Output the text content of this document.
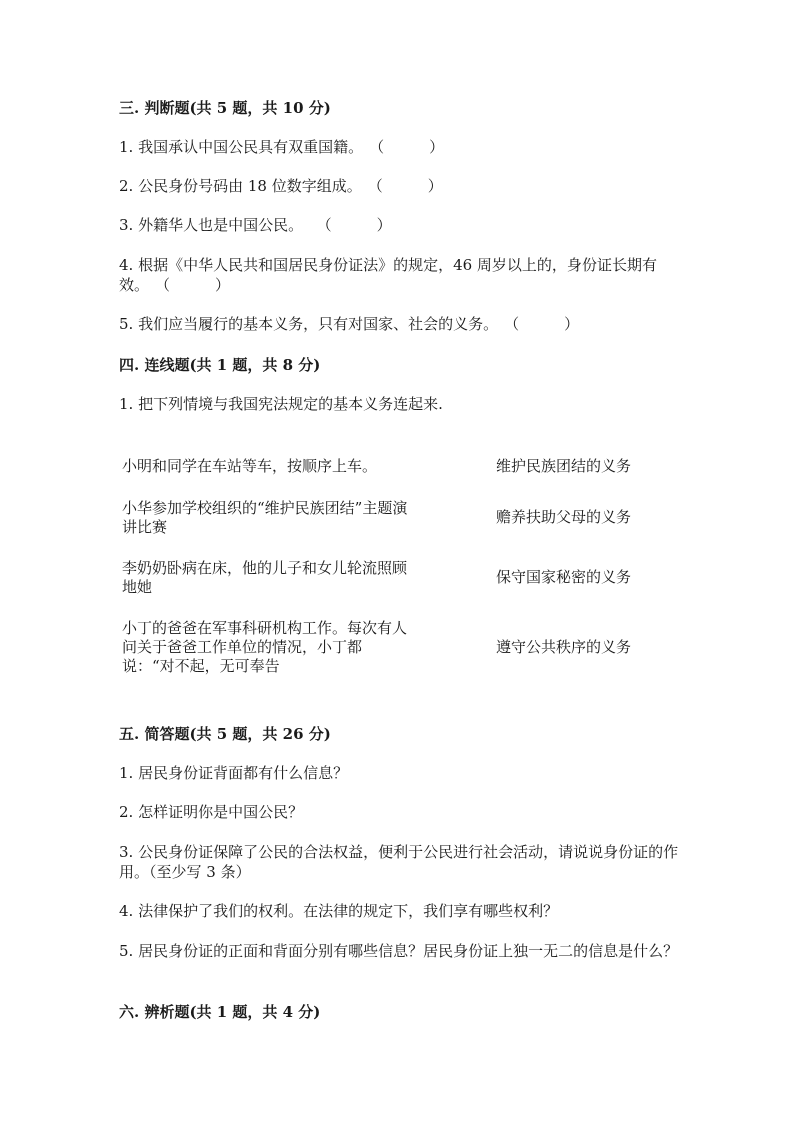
三. 判断题(共 5 题，共 10 分)
1. 我国承认中国公民具有双重国籍。 （　　　）
2. 公民身份号码由 18 位数字组成。 （　　　）
3. 外籍华人也是中国公民。　（　　　）
4. 根据《中华人民共和国居民身份证法》的规定，46 周岁以上的，身份证长期有效。 （　　　）
5. 我们应当履行的基本义务，只有对国家、社会的义务。 （　　　）
四. 连线题(共 1 题，共 8 分)
1. 把下列情境与我国宪法规定的基本义务连起来.
小明和同学在车站等车，按顺序上车。
小华参加学校组织的“维护民族团结”主题演讲比赛
李奶奶卧病在床，他的儿子和女儿轮流照顾地她
小丁的爸爸在军事科研机构工作。每次有人问关于爸爸工作单位的情况，小丁都说：“对不起，无可奉告
维护民族团结的义务
赡养扶助父母的义务
保守国家秘密的义务
遵守公共秩序的义务
五. 简答题(共 5 题，共 26 分)
1. 居民身份证背面都有什么信息？
2. 怎样证明你是中国公民？
3. 公民身份证保障了公民的合法权益，便利于公民进行社会活动，请说说身份证的作用。（至少写 3 条）
4. 法律保护了我们的权利。在法律的规定下，我们享有哪些权利？
5. 居民身份证的正面和背面分别有哪些信息？居民身份证上独一无二的信息是什么？
六. 辨析题(共 1 题，共 4 分)
